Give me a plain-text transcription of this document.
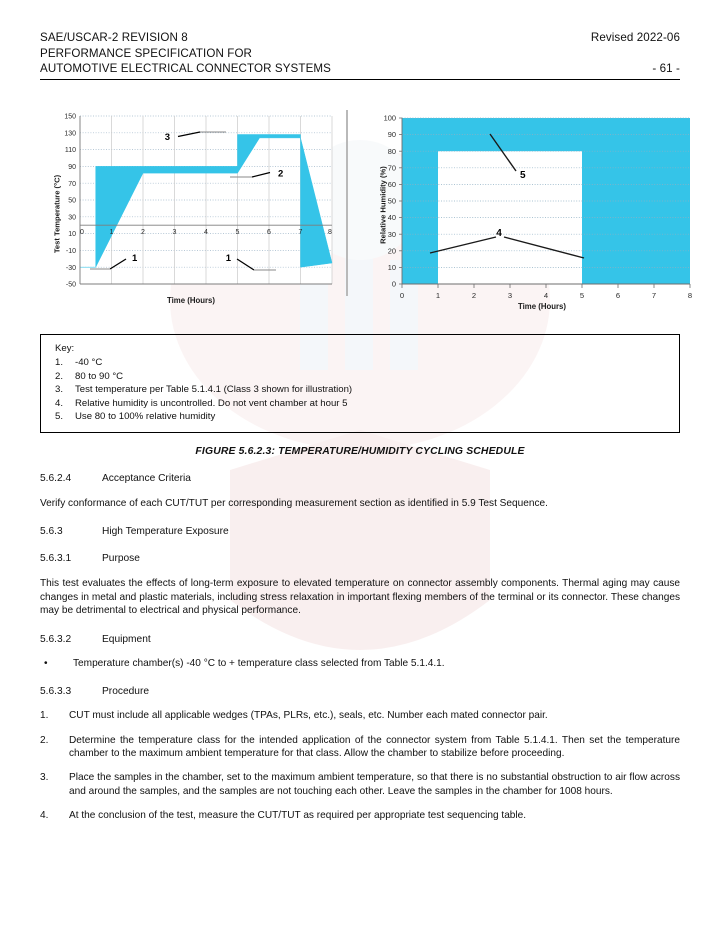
SAE/USCAR-2 REVISION 8	Revised 2022-06
PERFORMANCE SPECIFICATION FOR

AUTOMOTIVE ELECTRICAL CONNECTOR SYSTEMS	- 61 -
Test Temperature (°C)
150
130
110
90
70
50
30
10
-10
-30
-50
0	1	2	3	4	5	6	7	8
3
2
1	1
Time (Hours)
Relative Humidity (%)
100
90
80
70
60
50
40
30
20
10
0
0	1	2	3	4	5	6	7	8
5
4
Time (Hours)
Key:
1.	-40 °C
2.	80 to 90 °C
3.	Test temperature per Table 5.1.4.1 (Class 3 shown for illustration)
4.	Relative humidity is uncontrolled. Do not vent chamber at hour 5
5.	Use 80 to 100% relative humidity
FIGURE 5.6.2.3: TEMPERATURE/HUMIDITY CYCLING SCHEDULE
5.6.2.4	Acceptance Criteria

Verify conformance of each CUT/TUT per corresponding measurement section as identified in 5.9 Test Sequence.

5.6.3	High Temperature Exposure
5.6.3.1	Purpose

This test evaluates the effects of long-term exposure to elevated temperature on connector assembly components. Thermal aging may cause changes in metal and plastic materials, including stress relaxation in important flexing members of the terminal or its connector. These changes may be detrimental to electrical and physical performance.

5.6.3.2	Equipment
•	Temperature chamber(s) -40 °C to + temperature class selected from Table 5.1.4.1.
5.6.3.3	Procedure
1.	CUT must include all applicable wedges (TPAs, PLRs, etc.), seals, etc. Number each mated connector pair.
2.	Determine the temperature class for the intended application of the connector system from Table 5.1.4.1. Then set the temperature chamber to the maximum ambient temperature for that class. Allow the chamber to stabilize before proceeding.
3.	Place the samples in the chamber, set to the maximum ambient temperature, so that there is no substantial obstruction to air flow across and around the samples, and the samples are not touching each other. Leave the samples in the chamber for 1008 hours.
4.	At the conclusion of the test, measure the CUT/TUT as required per appropriate test sequencing table.
